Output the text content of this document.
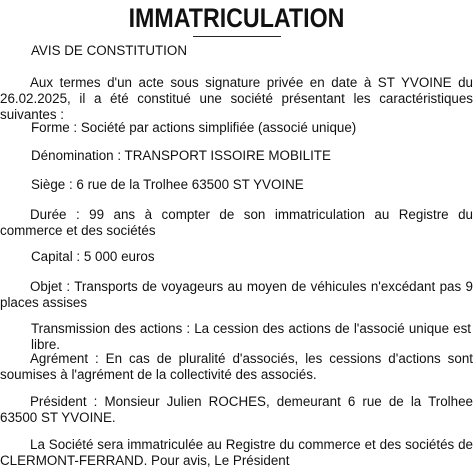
IMMATRICULATION

AVIS DE CONSTITUTION

Aux termes d'un acte sous signature privée en date à ST YVOINE du 26.02.2025, il a été constitué une société présentant les caractéristiques suivantes :

Forme : Société par actions simplifiée (associé unique)

Dénomination : TRANSPORT ISSOIRE MOBILITE

Siège : 6 rue de la Trolhee 63500 ST YVOINE

Durée : 99 ans à compter de son immatriculation au Registre du commerce et des sociétés

Capital : 5 000 euros

Objet : Transports de voyageurs au moyen de véhicules n'excédant pas 9 places assises

Transmission des actions : La cession des actions de l'associé unique est libre.

Agrément : En cas de pluralité d'associés, les cessions d'actions sont soumises à l'agrément de la collectivité des associés.

Président : Monsieur Julien ROCHES, demeurant 6 rue de la Trolhee 63500 ST YVOINE.

La Société sera immatriculée au Registre du commerce et des sociétés de CLERMONT-FERRAND. Pour avis, Le Président
